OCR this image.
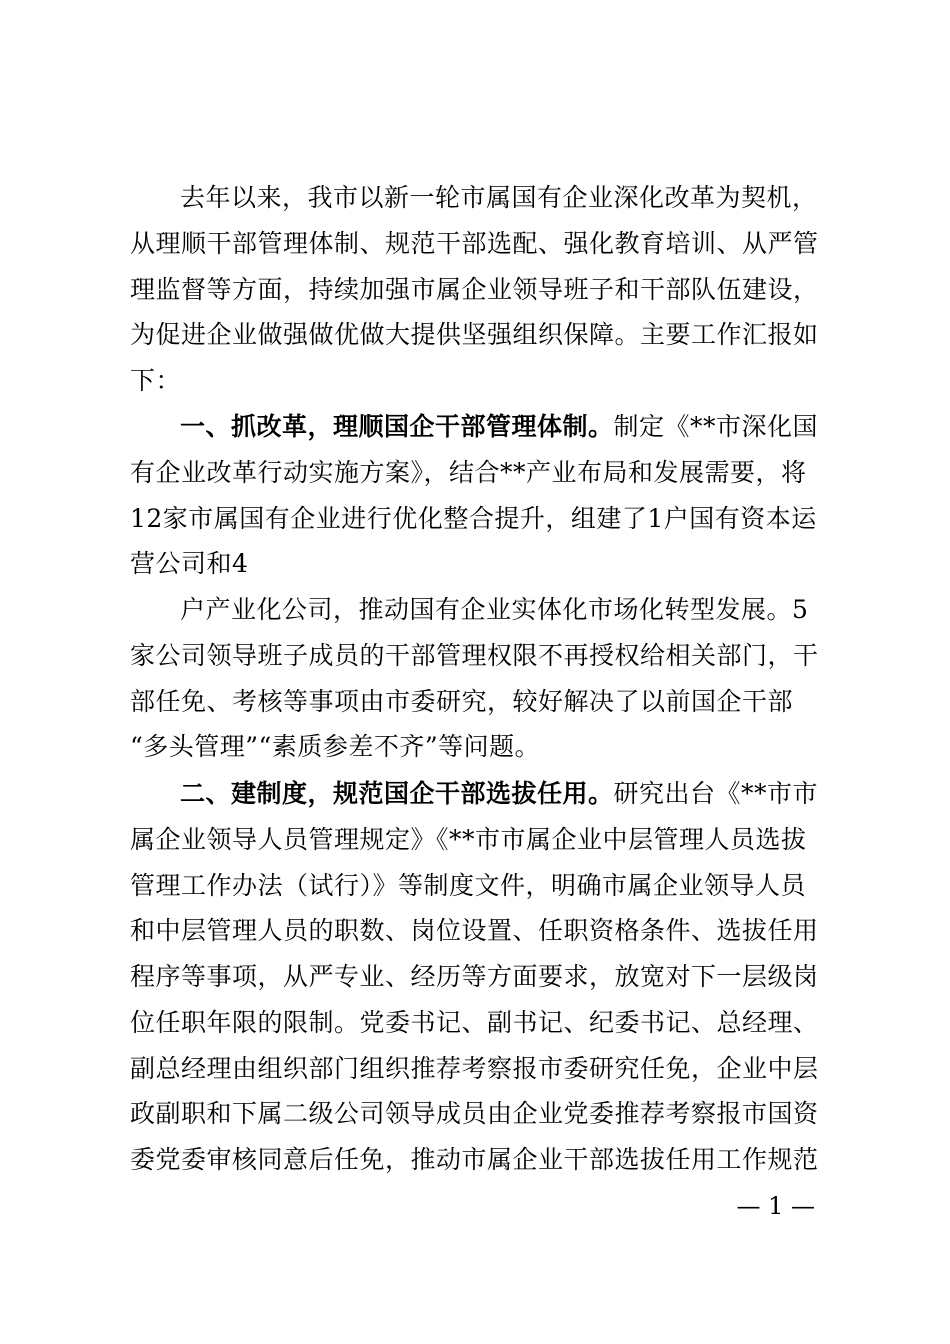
去年以来，我市以新一轮市属国有企业深化改革为契机，
从理顺干部管理体制、规范干部选配、强化教育培训、从严管
理监督等方面，持续加强市属企业领导班子和干部队伍建设，
为促进企业做强做优做大提供坚强组织保障。主要工作汇报如
下：
一、抓改革，理顺国企干部管理体制。制定《**市深化国
有企业改革行动实施方案》，结合**产业布局和发展需要，将
12家市属国有企业进行优化整合提升，组建了1户国有资本运
营公司和4
户产业化公司，推动国有企业实体化市场化转型发展。5
家公司领导班子成员的干部管理权限不再授权给相关部门，干
部任免、考核等事项由市委研究，较好解决了以前国企干部
“多头管理”“素质参差不齐”等问题。
二、建制度，规范国企干部选拔任用。研究出台《**市市
属企业领导人员管理规定》《**市市属企业中层管理人员选拔
管理工作办法（试行）》等制度文件，明确市属企业领导人员
和中层管理人员的职数、岗位设置、任职资格条件、选拔任用
程序等事项，从严专业、经历等方面要求，放宽对下一层级岗
位任职年限的限制。党委书记、副书记、纪委书记、总经理、
副总经理由组织部门组织推荐考察报市委研究任免，企业中层
政副职和下属二级公司领导成员由企业党委推荐考察报市国资
委党委审核同意后任免，推动市属企业干部选拔任用工作规范
— 1 —
